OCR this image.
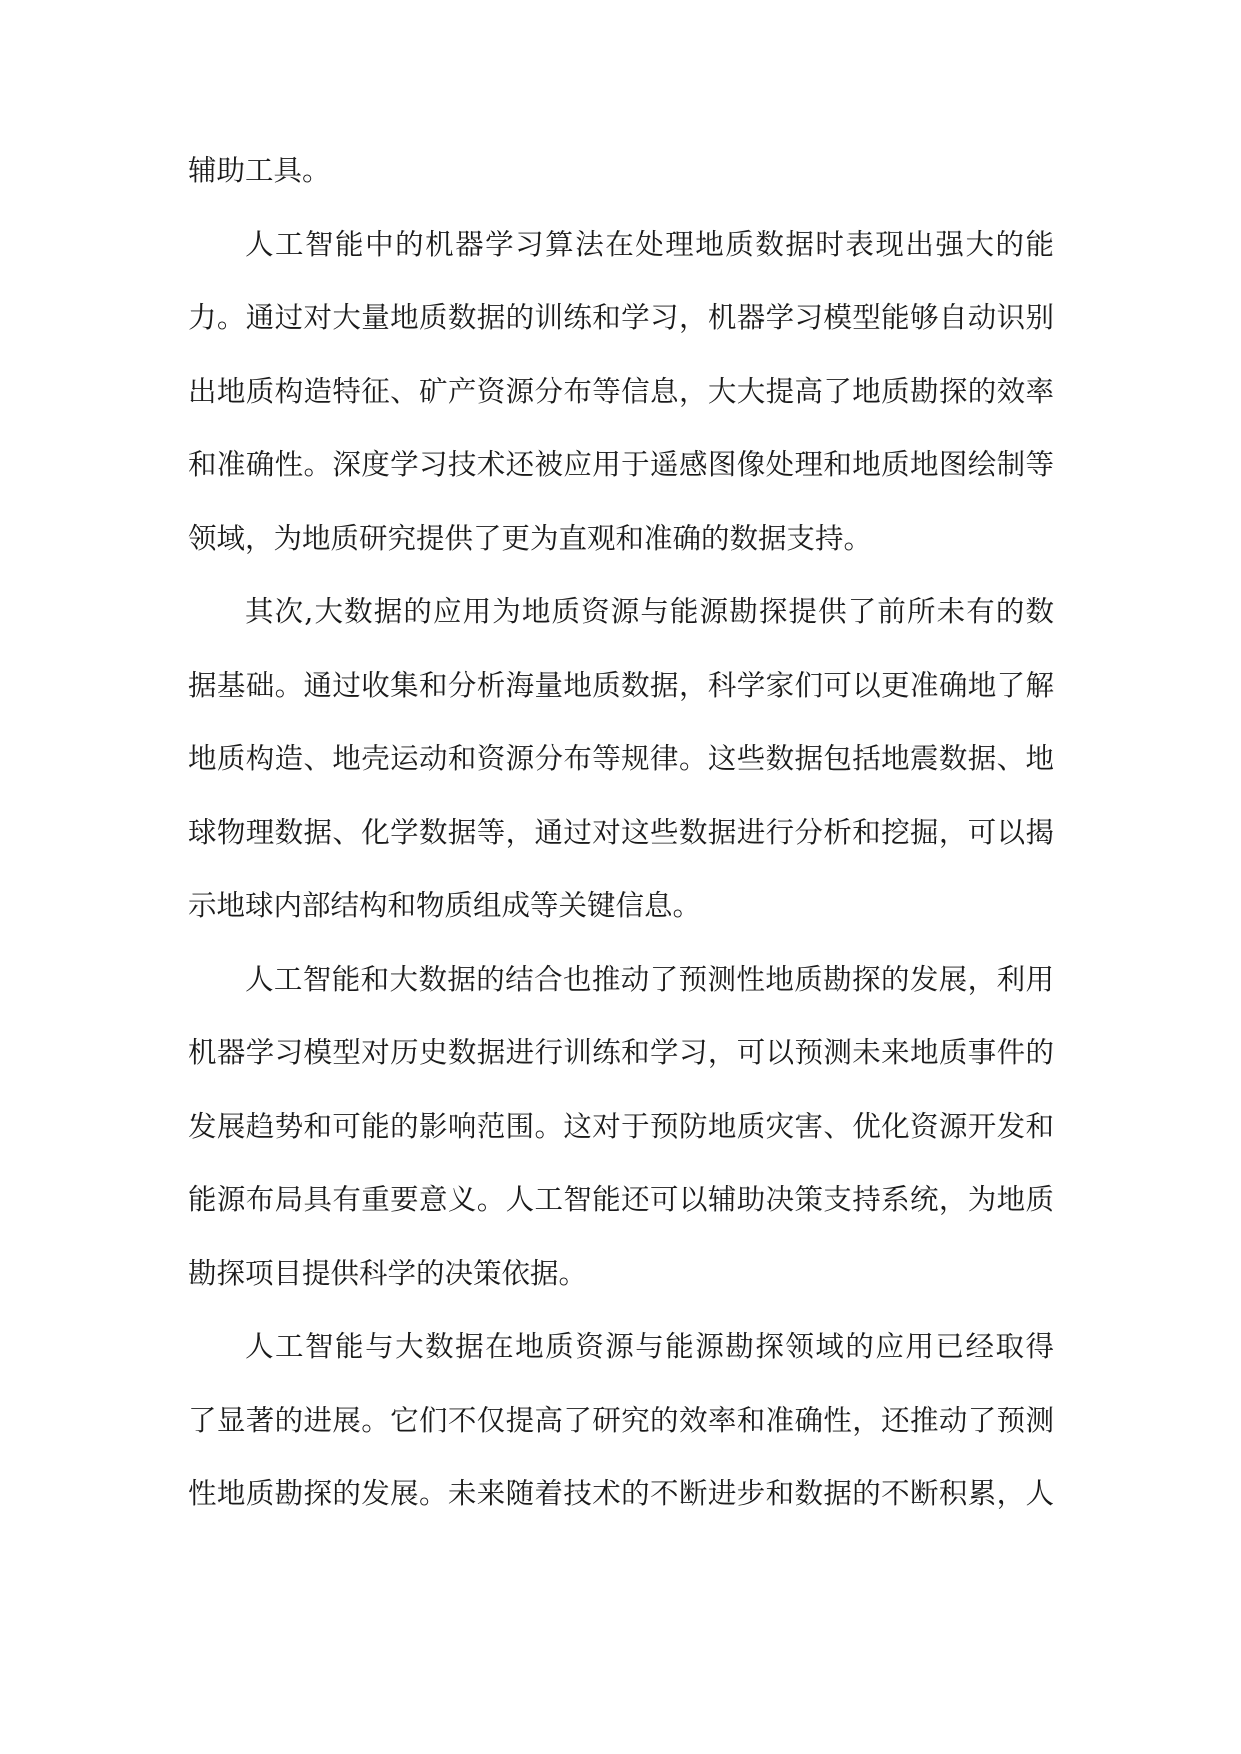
辅助工具。
人工智能中的机器学习算法在处理地质数据时表现出强大的能
力。通过对大量地质数据的训练和学习，机器学习模型能够自动识别
出地质构造特征、矿产资源分布等信息，大大提高了地质勘探的效率
和准确性。深度学习技术还被应用于遥感图像处理和地质地图绘制等
领域，为地质研究提供了更为直观和准确的数据支持。
其次,大数据的应用为地质资源与能源勘探提供了前所未有的数
据基础。通过收集和分析海量地质数据，科学家们可以更准确地了解
地质构造、地壳运动和资源分布等规律。这些数据包括地震数据、地
球物理数据、化学数据等，通过对这些数据进行分析和挖掘，可以揭
示地球内部结构和物质组成等关键信息。
人工智能和大数据的结合也推动了预测性地质勘探的发展，利用
机器学习模型对历史数据进行训练和学习，可以预测未来地质事件的
发展趋势和可能的影响范围。这对于预防地质灾害、优化资源开发和
能源布局具有重要意义。人工智能还可以辅助决策支持系统，为地质
勘探项目提供科学的决策依据。
人工智能与大数据在地质资源与能源勘探领域的应用已经取得
了显著的进展。它们不仅提高了研究的效率和准确性，还推动了预测
性地质勘探的发展。未来随着技术的不断进步和数据的不断积累，人
